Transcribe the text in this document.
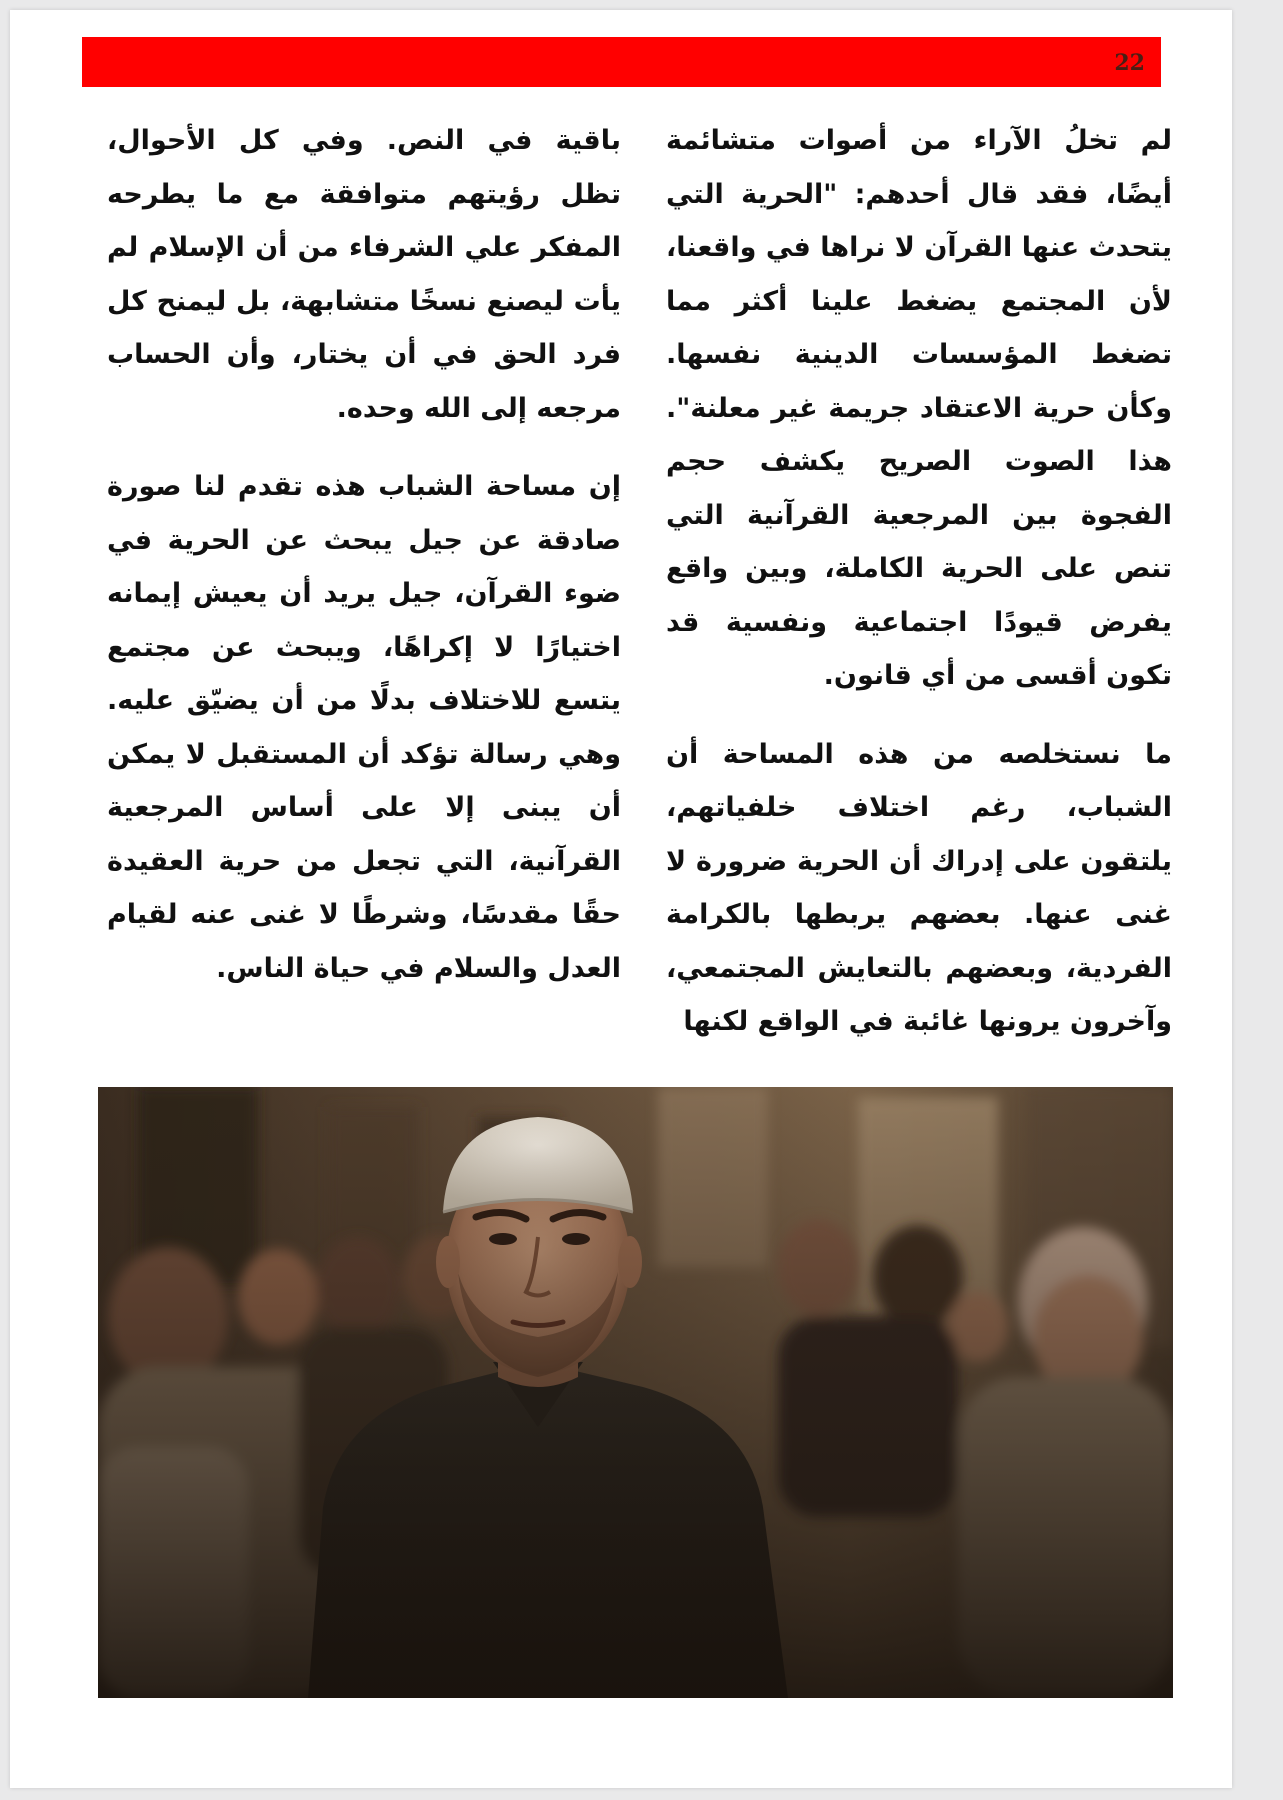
22

لم تخلُ الآراء من أصوات متشائمة أيضًا، فقد قال أحدهم: "الحرية التي يتحدث عنها القرآن لا نراها في واقعنا، لأن المجتمع يضغط علينا أكثر مما تضغط المؤسسات الدينية نفسها. وكأن حرية الاعتقاد جريمة غير معلنة". هذا الصوت الصريح يكشف حجم الفجوة بين المرجعية القرآنية التي تنص على الحرية الكاملة، وبين واقع يفرض قيودًا اجتماعية ونفسية قد تكون أقسى من أي قانون.

ما نستخلصه من هذه المساحة أن الشباب، رغم اختلاف خلفياتهم، يلتقون على إدراك أن الحرية ضرورة لا غنى عنها. بعضهم يربطها بالكرامة الفردية، وبعضهم بالتعايش المجتمعي، وآخرون يرونها غائبة في الواقع لكنها

باقية في النص. وفي كل الأحوال، تظل رؤيتهم متوافقة مع ما يطرحه المفكر علي الشرفاء من أن الإسلام لم يأت ليصنع نسخًا متشابهة، بل ليمنح كل فرد الحق في أن يختار، وأن الحساب مرجعه إلى الله وحده.

إن مساحة الشباب هذه تقدم لنا صورة صادقة عن جيل يبحث عن الحرية في ضوء القرآن، جيل يريد أن يعيش إيمانه اختيارًا لا إكراهًا، ويبحث عن مجتمع يتسع للاختلاف بدلًا من أن يضيّق عليه. وهي رسالة تؤكد أن المستقبل لا يمكن أن يبنى إلا على أساس المرجعية القرآنية، التي تجعل من حرية العقيدة حقًا مقدسًا، وشرطًا لا غنى عنه لقيام العدل والسلام في حياة الناس.
